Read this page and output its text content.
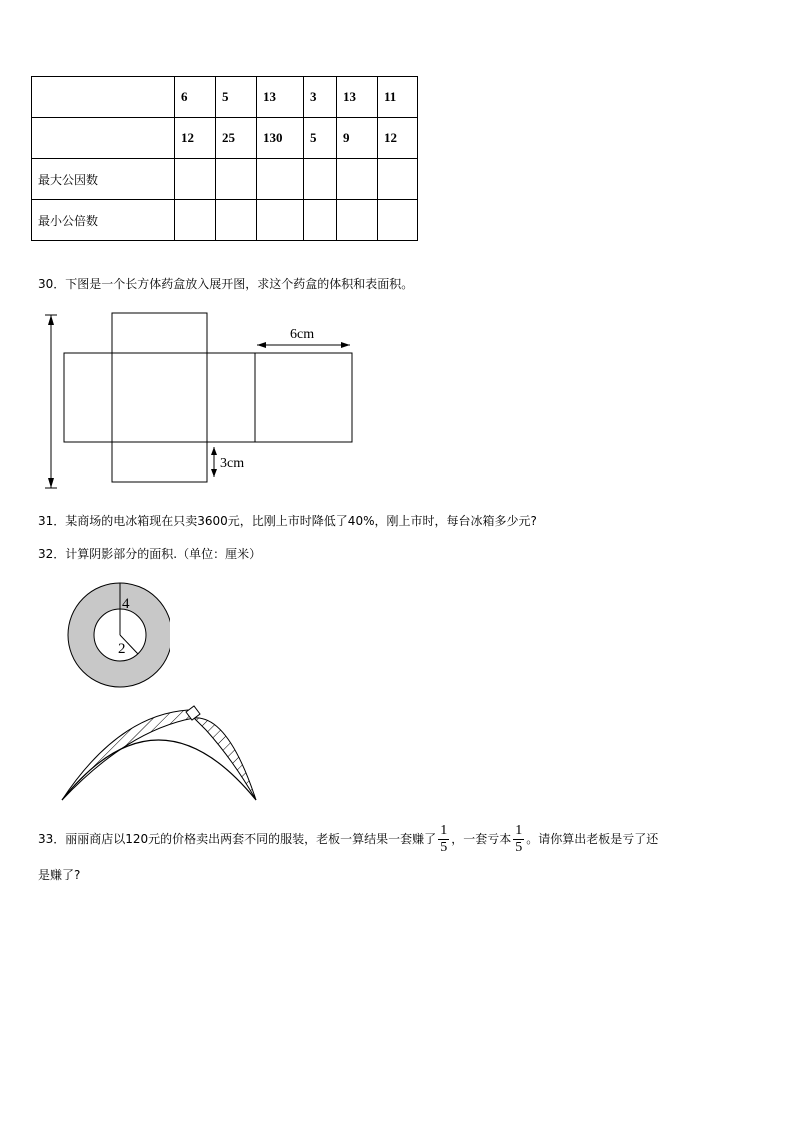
	6	5	13	3	13	11
	12	25	130	5	9	12
最大公因数						
最小公倍数						
30．下图是一个长方体药盒放入展开图，求这个药盒的体积和表面积。
6cm
3cm
31．某商场的电冰箱现在只卖3600元，比刚上市时降低了40%，刚上市时，每台冰箱多少元?
32．计算阴影部分的面积.（单位：厘米）
4
2
33．丽丽商店以120元的价格卖出两套不同的服装，老板一算结果一套赚了 $\frac{1}{5}$ ，一套亏本 $\frac{1}{5}$ 。请你算出老板是亏了还
是赚了?
